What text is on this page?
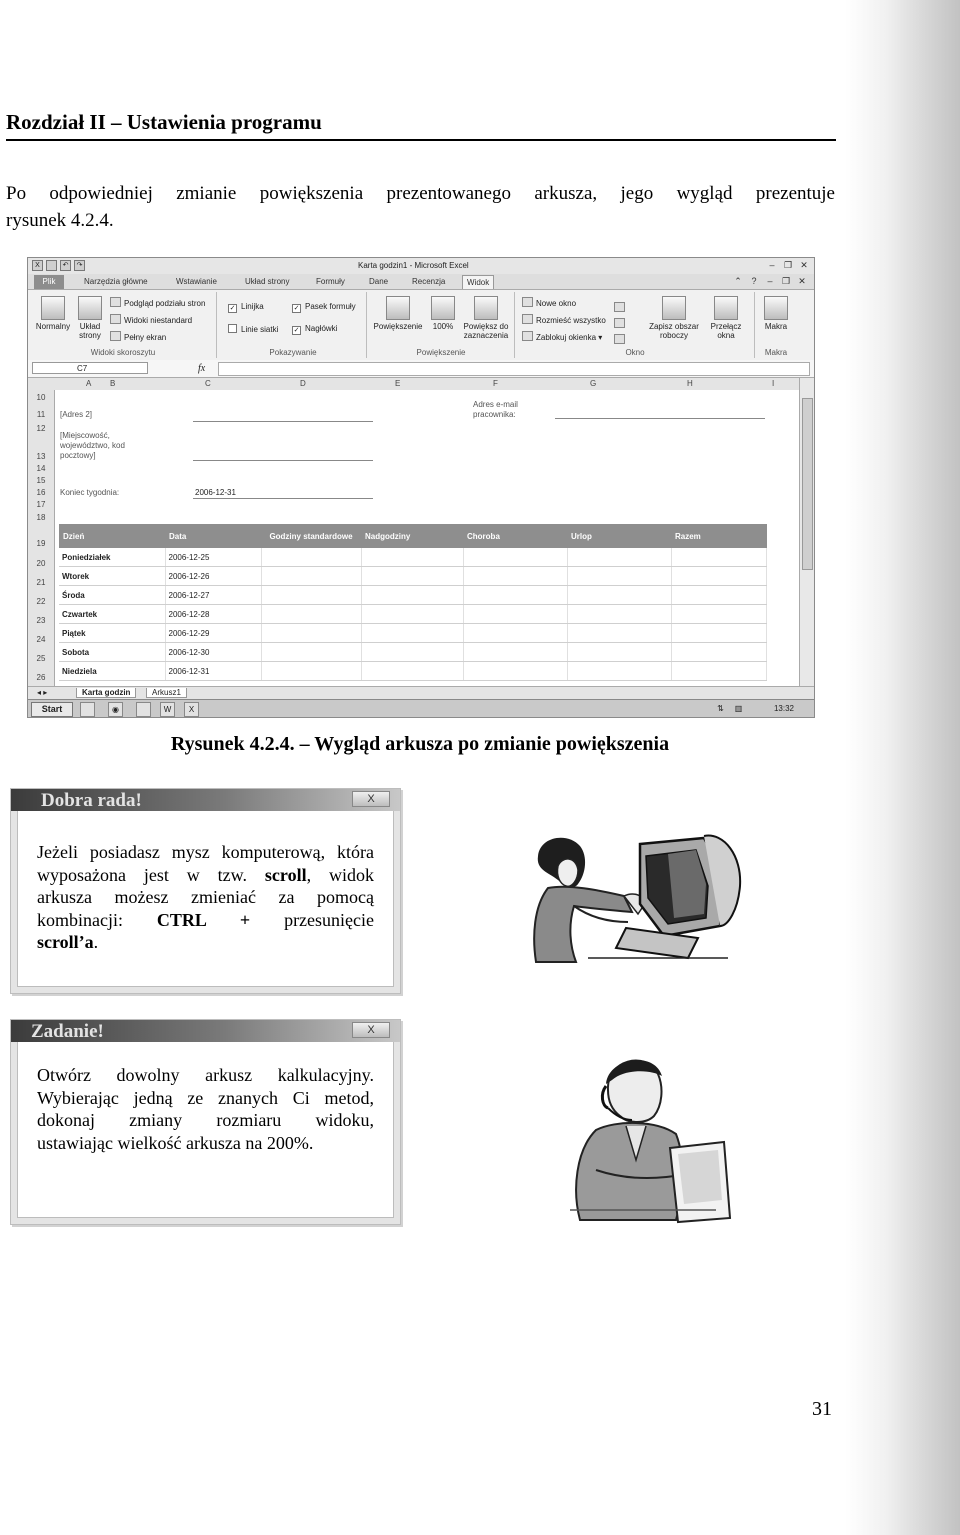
Rozdział II – Ustawienia programu
Po odpowiedniej zmianie powiększenia prezentowanego arkusza, jego wygląd prezentuje
rysunek 4.2.4.
X	↶	↷	Karta godzin1 - Microsoft Excel	–	❐ ✕
Plik	Narzędzia główne	Wstawianie	Układ strony	Formuły	Dane	Recenzja	Widok	⌃	?	–	❐ ✕
Normalny	Układ strony
Podgląd podziału stron
Widoki niestandard
Pełny ekran
Widoki skoroszytu
✓ Linijka	✓ Pasek formuły
Linie siatki ✓ Nagłówki
Pokazywanie
Powiększenie	100%	Powiększ do zaznaczenia
Powiększenie
Nowe okno
Rozmieść wszystko
Zablokuj okienka ▾
Zapisz obszar roboczy
Przełącz okna
Okno
Makra
Makra
C7	fx
A B	C	D	E	F	G	H	I
10
11
12
13
14
15
16
17
18
19
20
21
22
23
24
25
26
[Adres 2]
[Miejscowość, województwo, kod pocztowy]
Adres e-mail pracownika:
Koniec tygodnia:	2006-12-31
Dzień	Data	Godziny standardowe	Nadgodziny	Choroba	Urlop	Razem
Poniedziałek	2006-12-25					
Wtorek	2006-12-26					
Środa	2006-12-27					
Czwartek	2006-12-28					
Piątek	2006-12-29					
Sobota	2006-12-30					
Niedziela	2006-12-31					
◂ ▸	Karta godzin	Arkusz1
Start	◉	W	X	⇅	▥	13:32
Rysunek 4.2.4. – Wygląd arkusza po zmianie powiększenia
Dobra rada!	X
Jeżeli posiadasz mysz komputerową, która
wyposażona jest w tzw. scroll, widok
arkusza możesz zmieniać za pomocą
kombinacji: CTRL + przesunięcie
scroll’a.
Zadanie!	X
Otwórz dowolny arkusz kalkulacyjny.
Wybierając jedną ze znanych Ci metod,
dokonaj zmiany rozmiaru widoku,
ustawiając wielkość arkusza na 200%.
31
